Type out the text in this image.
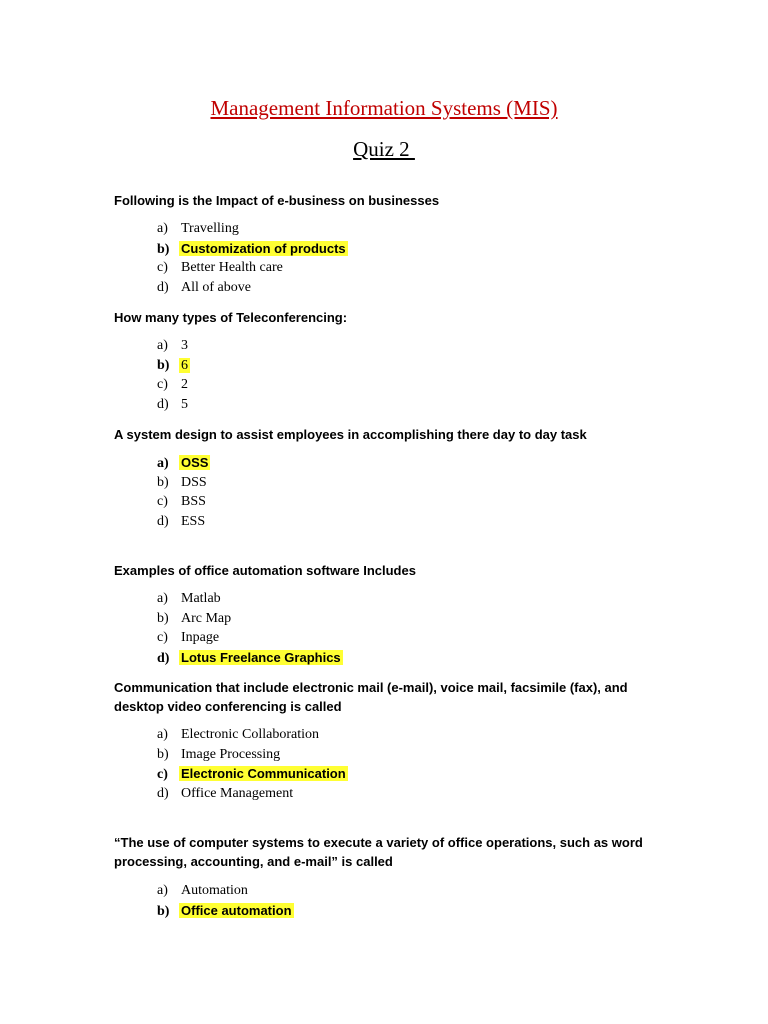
Management Information Systems (MIS)
Quiz 2
Following is the Impact of e-business on businesses
a) Travelling
b) Customization of products
c) Better Health care
d) All of above
How many types of Teleconferencing:
a) 3
b) 6
c) 2
d) 5
A system design to assist employees in accomplishing there day to day task
a) OSS
b) DSS
c) BSS
d) ESS
Examples of office automation software Includes
a) Matlab
b) Arc Map
c) Inpage
d) Lotus Freelance Graphics
Communication that include electronic mail (e-mail), voice mail, facsimile (fax), and desktop video conferencing is called
a) Electronic Collaboration
b) Image Processing
c) Electronic Communication
d) Office Management
“The use of computer systems to execute a variety of office operations, such as word processing, accounting, and e-mail” is called
a) Automation
b) Office automation
